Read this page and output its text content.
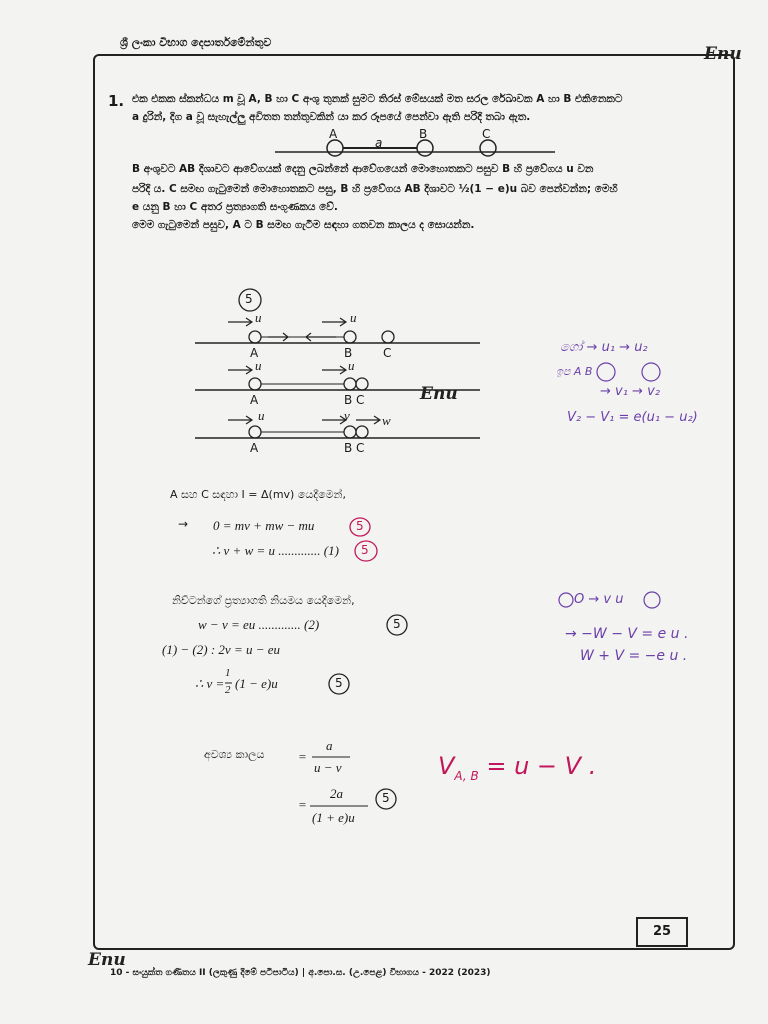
ශ්‍රී ලංකා විභාග දෙපාර්තමේන්තුව
Enu
1. එක එකක ස්කන්ධය m වූ A, B හා C අංශු තුනක් සුමට තිරස් මේසයක් මත සරල රේඛාවක A හා B එකිනෙකට
a දුරින්, දිග a වූ සැහැල්ලු අවිතත තන්තුවකින් යා කර රූපයේ පෙන්වා ඇති පරිදි තබා ඇත.
A
a
B	C
B අංශුවට AB දිශාවට ආවේගයක් දෙනු ලබන්නේ ආවේගයෙන් මොහොතකට පසුව B හි ප්‍රවේගය u වන
පරිදි ය. C සමඟ ගැටුමෙන් මොහොතකට පසු, B හි ප්‍රවේගය AB දිශාවට ½(1 − e)u බව පෙන්වන්න; මෙහි
e යනු B හා C අතර ප්‍රත්‍යාගති සංගුණකය වේ.
මෙම ගැටුමෙන් පසුව, A ට B සමඟ ගැටීම සඳහා ගතවන කාලය ද සොයන්න.
5
u	u
A	B	C
u	u
A	B C	Enu
u	v w
A	B C
A සහ C සඳහා I = Δ(mv) යෙදීමෙන්,
→ 0 = mv + mw − mu	5
∴ v + w = u ............. (1) 5
නිව්ටන්ගේ ප්‍රත්‍යාගති නියමය යෙදීමෙන්,
w − v = eu ............. (2)	5
(1) − (2) : 2v = u − eu
∴ v =
1
2 (1 − e)u	5
අවශ්‍ය කාලය	=
a
u − v
=
2a
(1 + e)u
5
ගෝ → u₁ → u₂
ඉප A B
→ v₁ → v₂
V₂ − V₁ = e(u₁ − u₂)
O → v u
→ −W − V = e u .
W + V = −e u .
$V_{A, B} = u - V$ .
25
Enu
10 - සංයුක්ත ගණිතය II (ලකුණු දීමේ පටිපාටිය) | අ.පො.ස. (උ.පෙළ) විභාගය - 2022 (2023)
